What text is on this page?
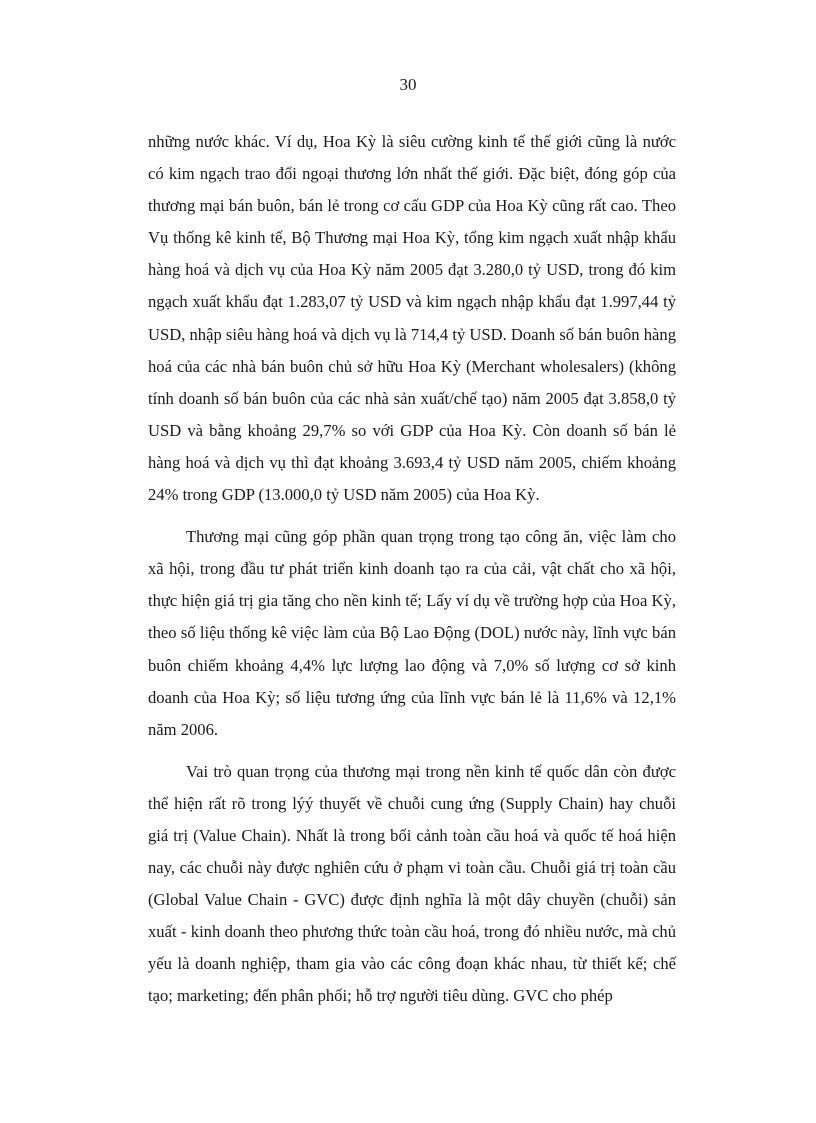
30

những nước khác. Ví dụ, Hoa Kỳ là siêu cường kinh tế thế giới cũng là nước có kim ngạch trao đổi ngoại thương lớn nhất thế giới. Đặc biệt, đóng góp của thương mại bán buôn, bán lẻ trong cơ cấu GDP của Hoa Kỳ cũng rất cao. Theo Vụ thống kê kinh tế, Bộ Thương mại Hoa Kỳ, tổng kim ngạch xuất nhập khẩu hàng hoá và dịch vụ của Hoa Kỳ năm 2005 đạt 3.280,0 tỷ USD, trong đó kim ngạch xuất khẩu đạt 1.283,07 tỷ USD và kim ngạch nhập khẩu đạt 1.997,44 tỷ USD, nhập siêu hàng hoá và dịch vụ là 714,4 tỷ USD. Doanh số bán buôn hàng hoá của các nhà bán buôn chủ sở hữu Hoa Kỳ (Merchant wholesalers) (không tính doanh số bán buôn của các nhà sản xuất/chế tạo) năm 2005 đạt 3.858,0 tỷ USD và bằng khoảng 29,7% so với GDP của Hoa Kỳ. Còn doanh số bán lẻ hàng hoá và dịch vụ thì đạt khoảng 3.693,4 tỷ USD năm 2005, chiếm khoảng 24% trong GDP (13.000,0 tỷ USD năm 2005) của Hoa Kỳ.

Thương mại cũng góp phần quan trọng trong tạo công ăn, việc làm cho xã hội, trong đầu tư phát triển kinh doanh tạo ra của cải, vật chất cho xã hội, thực hiện giá trị gia tăng cho nền kinh tế; Lấy ví dụ về trường hợp của Hoa Kỳ, theo số liệu thống kê việc làm của Bộ Lao Động (DOL) nước này, lĩnh vực bán buôn chiếm khoảng 4,4% lực lượng lao động và 7,0% số lượng cơ sở kinh doanh của Hoa Kỳ; số liệu tương ứng của lĩnh vực bán lẻ là 11,6% và 12,1% năm 2006.

Vai trò quan trọng của thương mại trong nền kinh tế quốc dân còn được thể hiện rất rõ trong lýý thuyết về chuỗi cung ứng (Supply Chain) hay chuỗi giá trị (Value Chain). Nhất là trong bối cảnh toàn cầu hoá và quốc tế hoá hiện nay, các chuỗi này được nghiên cứu ở phạm vi toàn cầu. Chuỗi giá trị toàn cầu (Global Value Chain - GVC) được định nghĩa là một dây chuyền (chuỗi) sản xuất - kinh doanh theo phương thức toàn cầu hoá, trong đó nhiều nước, mà chủ yếu là doanh nghiệp, tham gia vào các công đoạn khác nhau, từ thiết kế; chế tạo; marketing; đến phân phối; hỗ trợ người tiêu dùng. GVC cho phép
